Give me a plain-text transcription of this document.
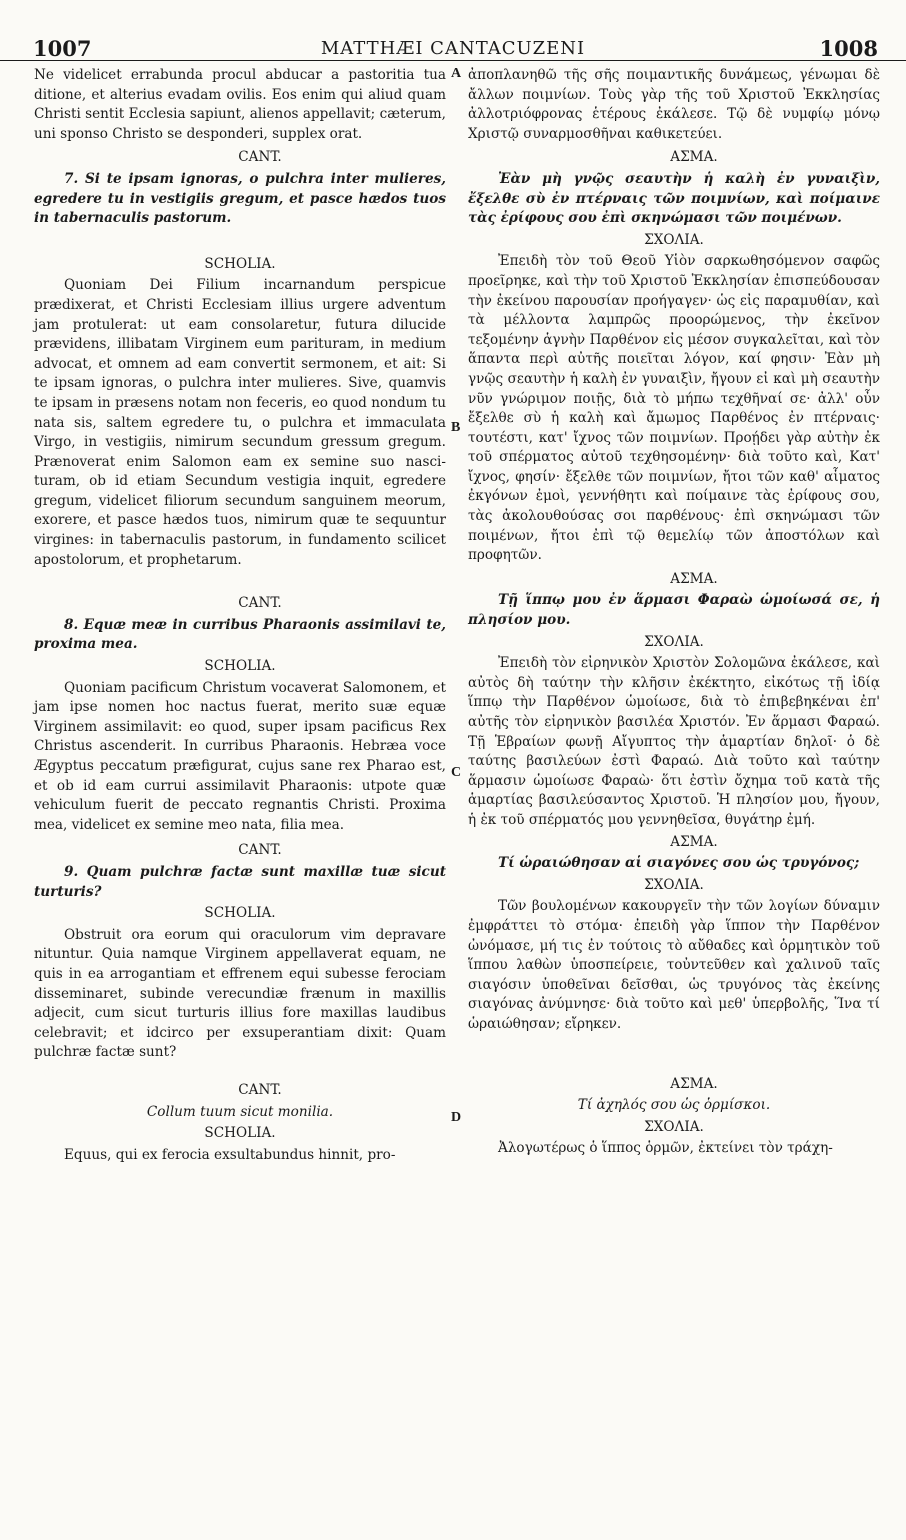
1007	MATTHÆI CANTACUZENI	1008

Ne videlicet errabunda procul abducar a pastoritia tua ditione, et alterius evadam ovilis. Eos enim qui aliud quam Christi sentit Ecclesia sapiunt, alienos appellavit; cæterum, uni sponso Christo se desponderi, supplex orat.

CANT.

7. Si te ipsam ignoras, o pulchra inter mulieres, egredere tu in vestigiis gregum, et pasce hædos tuos in tabernaculis pastorum.

SCHOLIA.

Quoniam Dei Filium incarnandum perspicue prædixerat, et Christi Ecclesiam illius urgere adventum jam protulerat: ut eam consolaretur, futura dilucide prævidens, illibatam Virginem eum parituram, in medium advocat, et omnem ad eam convertit sermonem, et ait: Si te ipsam ignoras, o pulchra inter mulieres. Sive, quamvis te ipsam in præsens notam non feceris, eo quod nondum tu nata sis, saltem egredere tu, o pulchra et immaculata Virgo, in vestigiis, nimirum secundum gressum gregum. Prænoverat enim Salomon eam ex semine suo nasci- turam, ob id etiam Secundum vestigia inquit, egredere gregum, videlicet filiorum secundum sanguinem meorum, exorere, et pasce hædos tuos, nimirum quæ te sequuntur virgines: in tabernaculis pastorum, in fundamento scilicet apostolorum, et prophetarum.

CANT.

8. Equæ meæ in curribus Pharaonis assimilavi te, proxima mea.

SCHOLIA.

Quoniam pacificum Christum vocaverat Salomonem, et jam ipse nomen hoc nactus fuerat, merito suæ equæ Virginem assimilavit: eo quod, super ipsam pacificus Rex Christus ascenderit. In curribus Pharaonis. Hebræa voce Ægyptus peccatum præfigurat, cujus sane rex Pharao est, et ob id eam currui assimilavit Pharaonis: utpote quæ vehiculum fuerit de peccato regnantis Christi. Proxima mea, videlicet ex semine meo nata, filia mea.

CANT.

9. Quam pulchræ factæ sunt maxillæ tuæ sicut turturis?

SCHOLIA.

Obstruit ora eorum qui oraculorum vim depravare nituntur. Quia namque Virginem appellaverat equam, ne quis in ea arrogantiam et effrenem equi subesse ferociam disseminaret, subinde verecundiæ frænum in maxillis adjecit, cum sicut turturis illius fore maxillas laudibus celebravit; et idcirco per exsuperantiam dixit: Quam pulchræ factæ sunt?

CANT.

Collum tuum sicut monilia.

SCHOLIA.

Equus, qui ex ferocia exsultabundus hinnit, pro-

ἀποπλανηθῶ τῆς σῆς ποιμαντικῆς δυνάμεως, γένωμαι δὲ ἄλλων ποιμνίων. Τοὺς γὰρ τῆς τοῦ Χριστοῦ Ἐκκλησίας ἀλλοτριόφρονας ἑτέρους ἐκάλεσε. Τῷ δὲ νυμφίῳ μόνῳ Χριστῷ συναρμοσθῆναι καθικετεύει.

ΑΣΜΑ.

Ἐὰν μὴ γνῷς σεαυτὴν ἡ καλὴ ἐν γυναιξὶν, ἔξελθε σὺ ἐν πτέρναις τῶν ποιμνίων, καὶ ποίμαινε τὰς ἐρίφους σου ἐπὶ σκηνώμασι τῶν ποιμένων.

ΣΧΟΛΙΑ.

Ἐπειδὴ τὸν τοῦ Θεοῦ Υἱὸν σαρκωθησόμενον σαφῶς προεῖρηκε, καὶ τὴν τοῦ Χριστοῦ Ἐκκλησίαν ἐπισπεύδουσαν τὴν ἐκείνου παρουσίαν προήγαγεν· ὡς εἰς παραμυθίαν, καὶ τὰ μέλλοντα λαμπρῶς προορώμενος, τὴν ἐκεῖνον τεξομένην ἁγνὴν Παρθένον εἰς μέσον συγκαλεῖται, καὶ τὸν ἅπαντα περὶ αὐτῆς ποιεῖται λόγον, καί φησιν· Ἐὰν μὴ γνῷς σεαυτὴν ἡ καλὴ ἐν γυναιξὶν, ἤγουν εἰ καὶ μὴ σεαυτὴν νῦν γνώριμον ποιῇς, διὰ τὸ μήπω τεχθῆναί σε· ἀλλ' οὖν ἔξελθε σὺ ἡ καλὴ καὶ ἄμωμος Παρθένος ἐν πτέρναις· τουτέστι, κατ' ἴχνος τῶν ποιμνίων. Προῄδει γὰρ αὐτὴν ἐκ τοῦ σπέρματος αὐτοῦ τεχθησομένην· διὰ τοῦτο καὶ, Κατ' ἴχνος, φησίν· ἔξελθε τῶν ποιμνίων, ἤτοι τῶν καθ' αἷματος ἐκγόνων ἐμοὶ, γεννήθητι καὶ ποίμαινε τὰς ἐρίφους σου, τὰς ἀκολουθούσας σοι παρθένους· ἐπὶ σκηνώμασι τῶν ποιμένων, ἤτοι ἐπὶ τῷ θεμελίῳ τῶν ἀποστόλων καὶ προφητῶν.

ΑΣΜΑ.

Τῇ ἵππῳ μου ἐν ἅρμασι Φαραὼ ὡμοίωσά σε, ἡ πλησίον μου.

ΣΧΟΛΙΑ.

Ἐπειδὴ τὸν εἰρηνικὸν Χριστὸν Σολομῶνα ἐκάλεσε, καὶ αὐτὸς δὴ ταύτην τὴν κλῆσιν ἐκέκτητο, εἰκότως τῇ ἰδίᾳ ἵππῳ τὴν Παρθένον ὡμοίωσε, διὰ τὸ ἐπιβεβηκέναι ἐπ' αὐτῆς τὸν εἰρηνικὸν βασιλέα Χριστόν. Ἐν ἅρμασι Φαραώ. Τῇ Ἑβραίων φωνῇ Αἴγυπτος τὴν ἁμαρτίαν δηλοῖ· ὁ δὲ ταύτης βασιλεύων ἐστὶ Φαραώ. Διὰ τοῦτο καὶ ταύτην ἅρμασιν ὡμοίωσε Φαραὼ· ὅτι ἐστὶν ὄχημα τοῦ κατὰ τῆς ἁμαρτίας βασιλεύσαντος Χριστοῦ. Ἡ πλησίον μου, ἤγουν, ἡ ἐκ τοῦ σπέρματός μου γεννηθεῖσα, θυγάτηρ ἐμή.

ΑΣΜΑ.

Τί ὡραιώθησαν αἱ σιαγόνες σου ὡς τρυγόνος;

ΣΧΟΛΙΑ.

Τῶν βουλομένων κακουργεῖν τὴν τῶν λογίων δύναμιν ἐμφράττει τὸ στόμα· ἐπειδὴ γὰρ ἵππον τὴν Παρθένον ὠνόμασε, μή τις ἐν τούτοις τὸ αὔθαδες καὶ ὁρμητικὸν τοῦ ἵππου λαθὼν ὑποσπείρειε, τοὐντεῦθεν καὶ χαλινοῦ ταῖς σιαγόσιν ὑποθεῖναι δεῖσθαι, ὡς τρυγόνος τὰς ἐκείνης σιαγόνας ἀνύμνησε· διὰ τοῦτο καὶ μεθ' ὑπερβολῆς, Ἵνα τί ὡραιώθησαν; εἴρηκεν.

ΑΣΜΑ.

Τί ἀχηλός σου ὡς ὁρμίσκοι.

ΣΧΟΛΙΑ.

Ἀλογωτέρως ὁ ἵππος ὁρμῶν, ἐκτείνει τὸν τράχη-

A
B
C
D
